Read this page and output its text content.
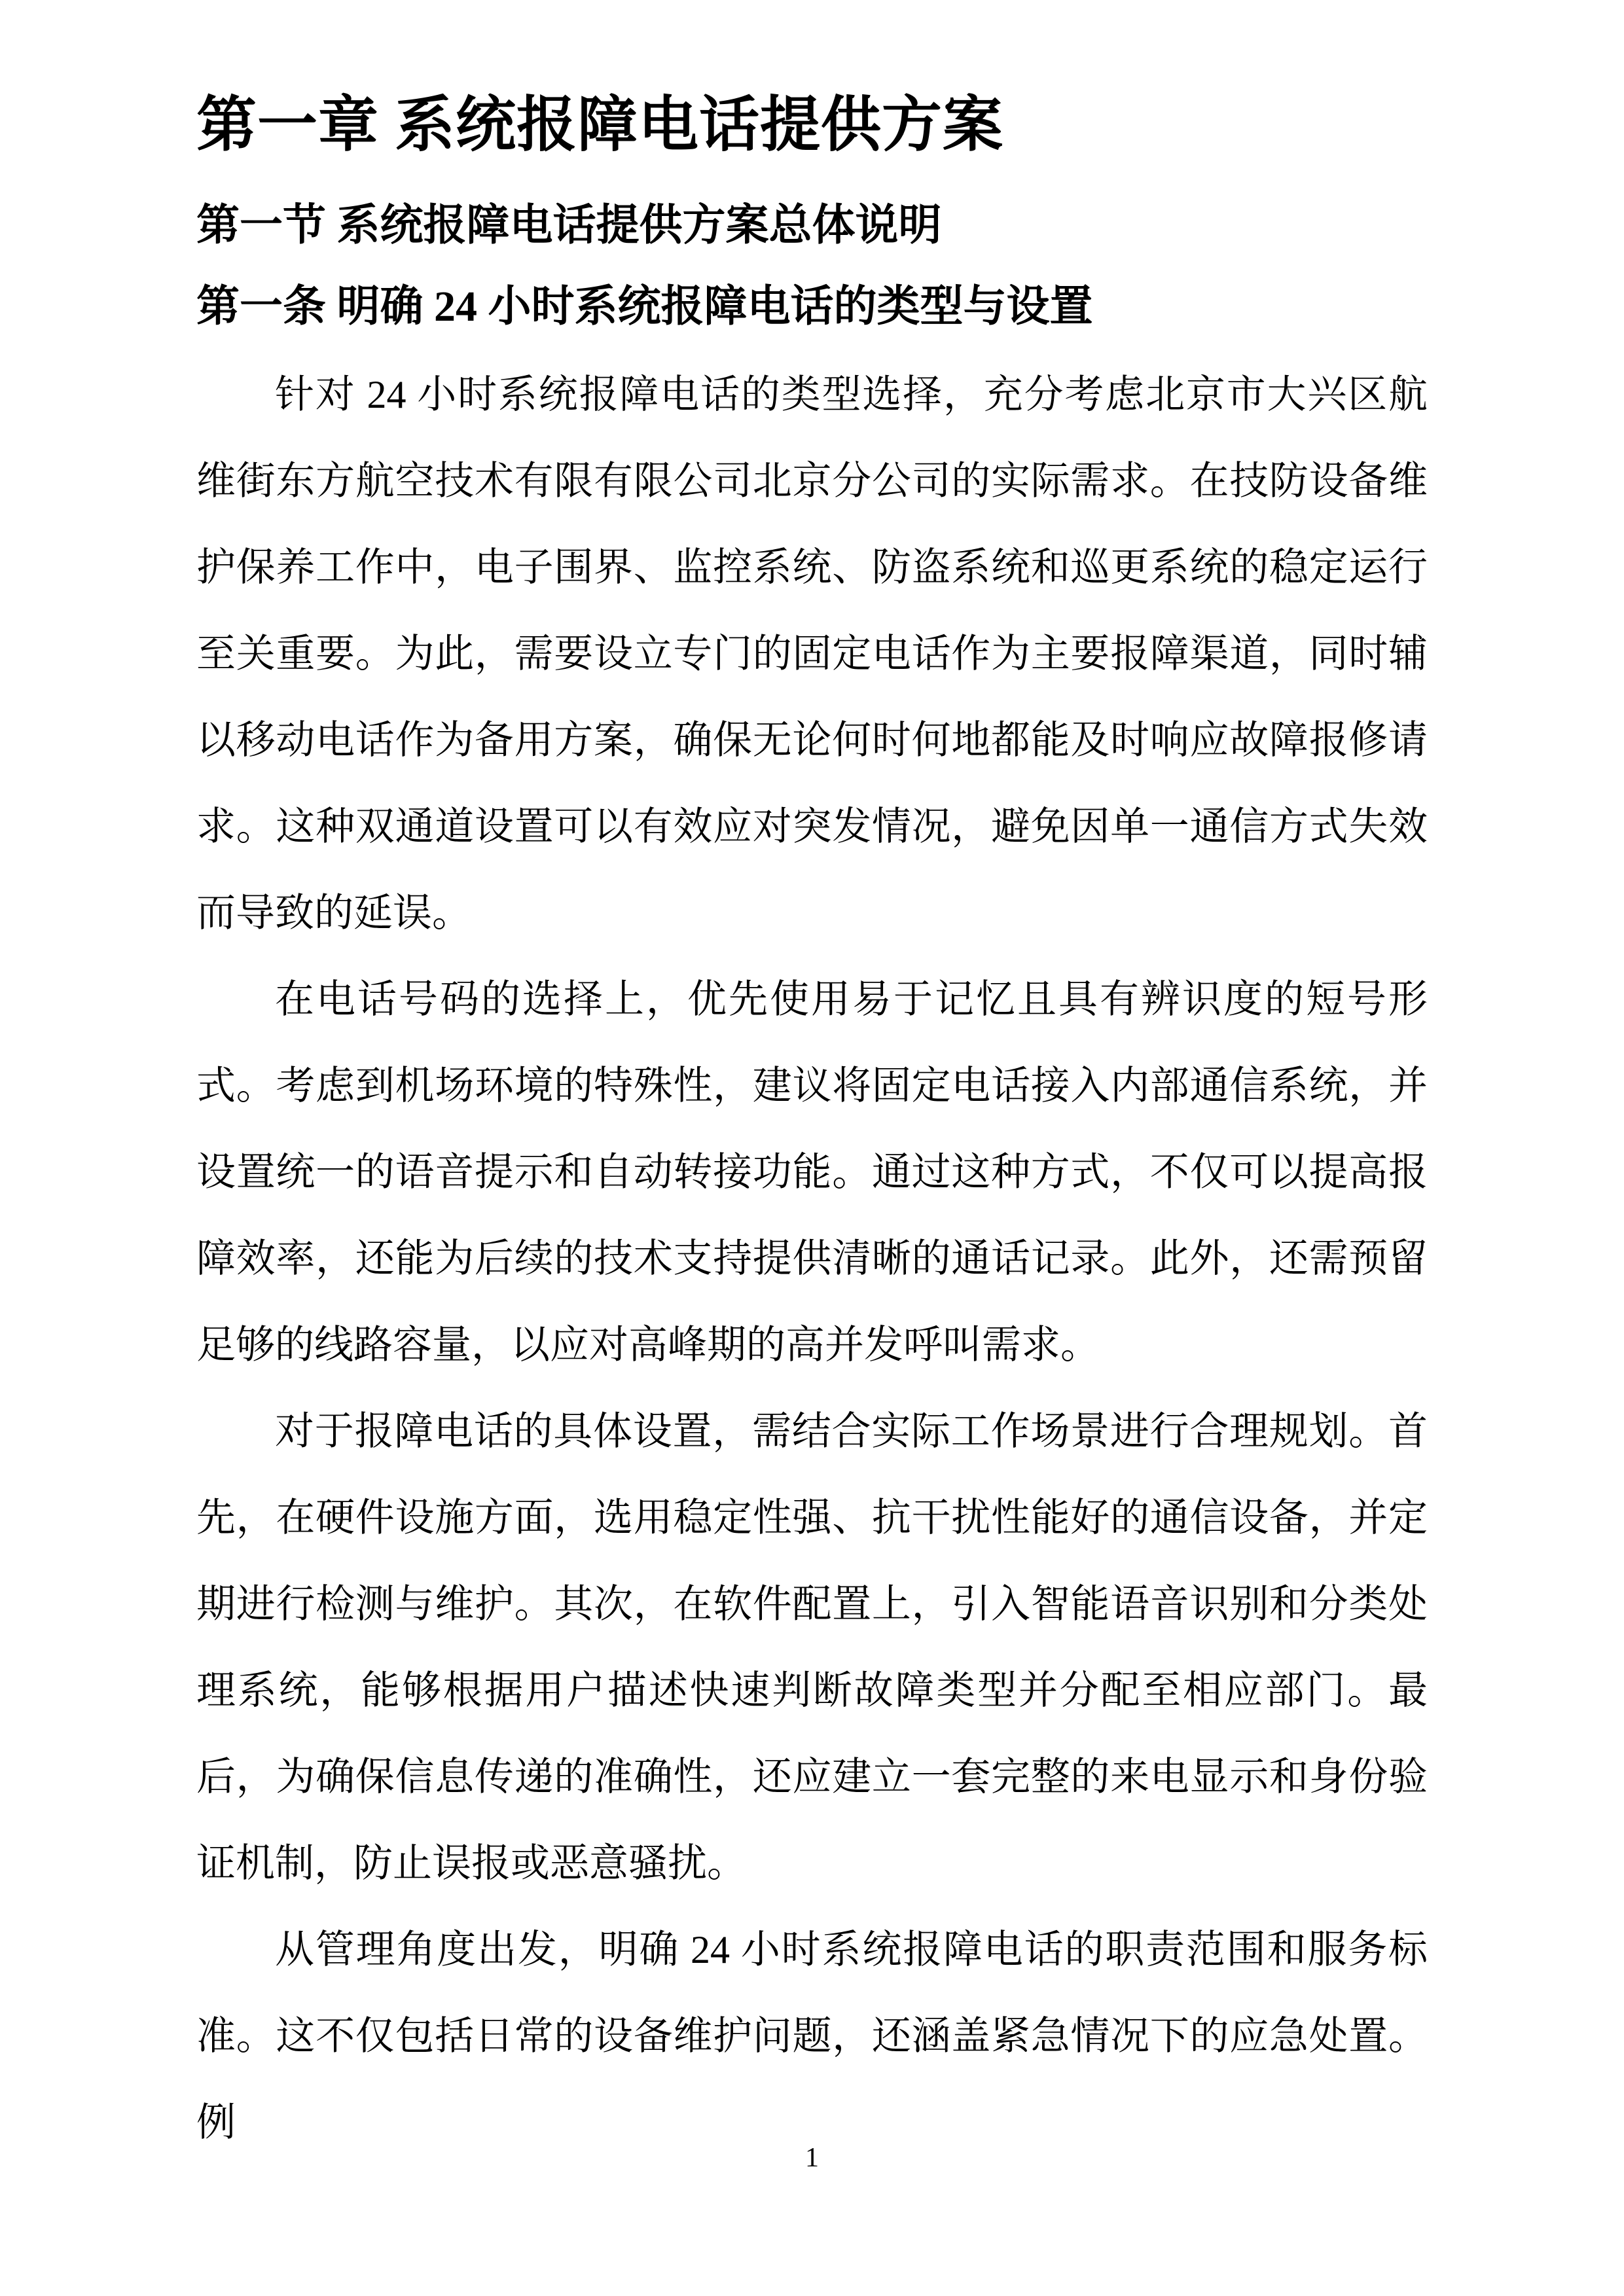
第一章 系统报障电话提供方案
第一节 系统报障电话提供方案总体说明
第一条 明确 24 小时系统报障电话的类型与设置

针对 24 小时系统报障电话的类型选择，充分考虑北京市大兴区航维街东方航空技术有限有限公司北京分公司的实际需求。在技防设备维护保养工作中，电子围界、监控系统、防盗系统和巡更系统的稳定运行至关重要。为此，需要设立专门的固定电话作为主要报障渠道，同时辅以移动电话作为备用方案，确保无论何时何地都能及时响应故障报修请求。这种双通道设置可以有效应对突发情况，避免因单一通信方式失效而导致的延误。

在电话号码的选择上，优先使用易于记忆且具有辨识度的短号形式。考虑到机场环境的特殊性，建议将固定电话接入内部通信系统，并设置统一的语音提示和自动转接功能。通过这种方式，不仅可以提高报障效率，还能为后续的技术支持提供清晰的通话记录。此外，还需预留足够的线路容量，以应对高峰期的高并发呼叫需求。

对于报障电话的具体设置，需结合实际工作场景进行合理规划。首先，在硬件设施方面，选用稳定性强、抗干扰性能好的通信设备，并定期进行检测与维护。其次，在软件配置上，引入智能语音识别和分类处理系统，能够根据用户描述快速判断故障类型并分配至相应部门。最后，为确保信息传递的准确性，还应建立一套完整的来电显示和身份验证机制，防止误报或恶意骚扰。

从管理角度出发，明确 24 小时系统报障电话的职责范围和服务标准。这不仅包括日常的设备维护问题，还涵盖紧急情况下的应急处置。例

1
